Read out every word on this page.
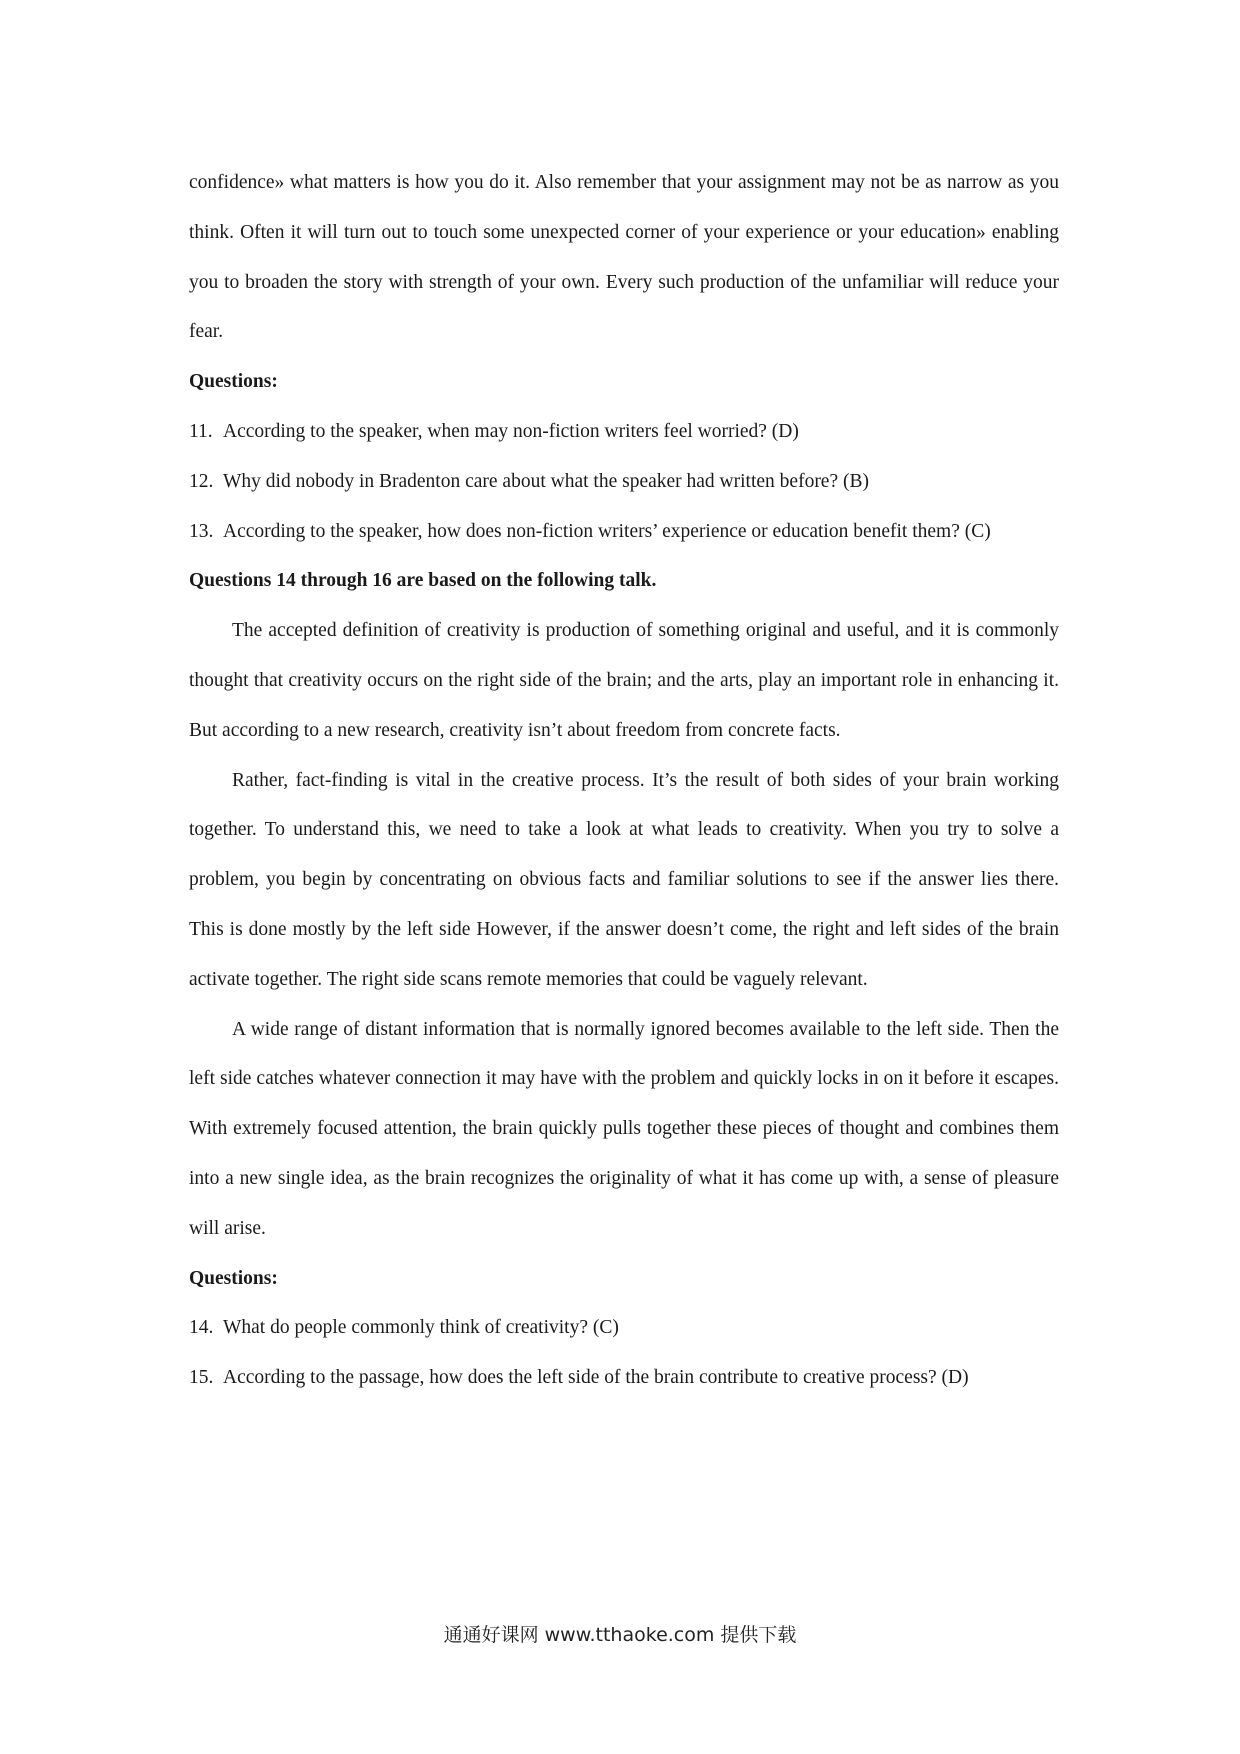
confidence» what matters is how you do it. Also remember that your assignment may not be as narrow as you think. Often it will turn out to touch some unexpected corner of your experience or your education» enabling you to broaden the story with strength of your own. Every such production of the unfamiliar will reduce your fear.

Questions:

11. According to the speaker, when may non-fiction writers feel worried? (D)

12. Why did nobody in Bradenton care about what the speaker had written before? (B)

13. According to the speaker, how does non-fiction writers’ experience or education benefit them? (C)

Questions 14 through 16 are based on the following talk.

The accepted definition of creativity is production of something original and useful, and it is commonly thought that creativity occurs on the right side of the brain; and the arts, play an important role in enhancing it. But according to a new research, creativity isn’t about freedom from concrete facts.

Rather, fact-finding is vital in the creative process. It’s the result of both sides of your brain working together. To understand this, we need to take a look at what leads to creativity. When you try to solve a problem, you begin by concentrating on obvious facts and familiar solutions to see if the answer lies there. This is done mostly by the left side However, if the answer doesn’t come, the right and left sides of the brain activate together. The right side scans remote memories that could be vaguely relevant.

A wide range of distant information that is normally ignored becomes available to the left side. Then the left side catches whatever connection it may have with the problem and quickly locks in on it before it escapes. With extremely focused attention, the brain quickly pulls together these pieces of thought and combines them into a new single idea, as the brain recognizes the originality of what it has come up with, a sense of pleasure will arise.

Questions:

14. What do people commonly think of creativity? (C)

15. According to the passage, how does the left side of the brain contribute to creative process? (D)

通通好课网 www.tthaoke.com 提供下载
